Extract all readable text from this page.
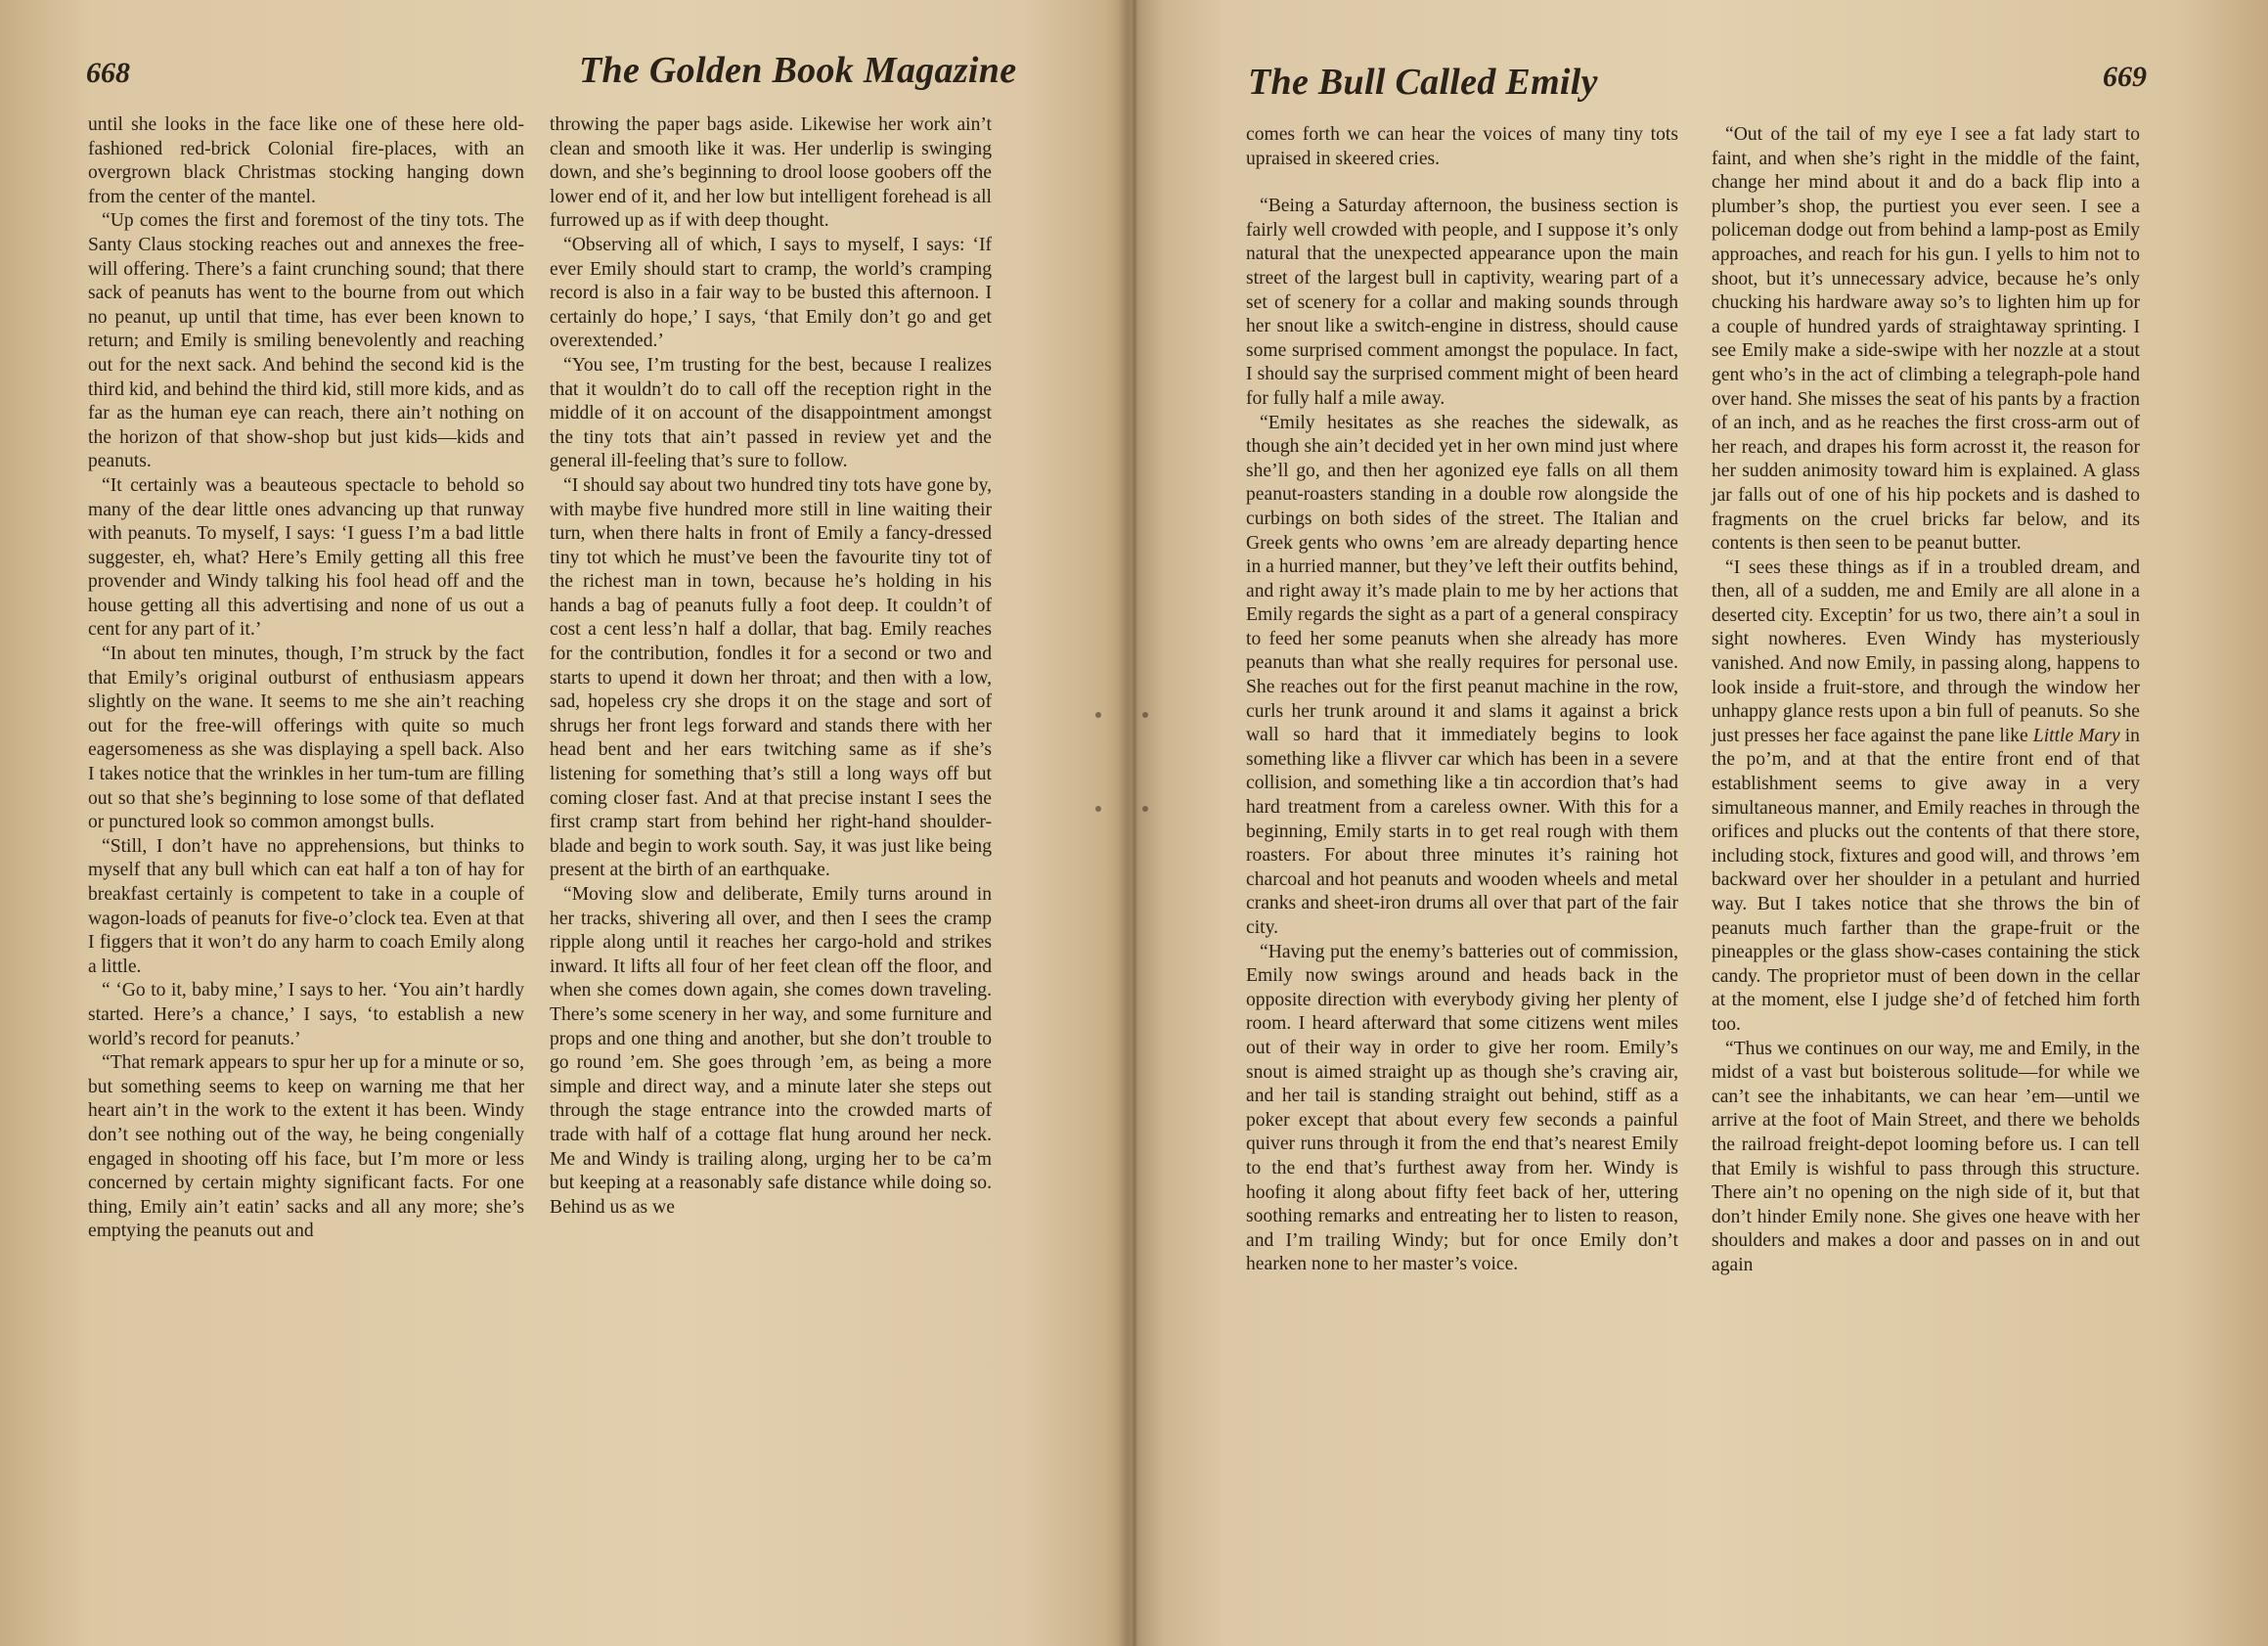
668	The Golden Book Magazine

until she looks in the face like one of these here old-fashioned red-brick Colonial fire-places, with an overgrown black Christmas stocking hanging down from the center of the mantel.

“Up comes the first and foremost of the tiny tots. The Santy Claus stocking reaches out and annexes the free-will offering. There’s a faint crunching sound; that there sack of peanuts has went to the bourne from out which no peanut, up until that time, has ever been known to return; and Emily is smiling benevolently and reaching out for the next sack. And behind the second kid is the third kid, and behind the third kid, still more kids, and as far as the human eye can reach, there ain’t nothing on the horizon of that show-shop but just kids—kids and peanuts.

“It certainly was a beauteous spectacle to behold so many of the dear little ones advancing up that runway with peanuts. To myself, I says: ‘I guess I’m a bad little suggester, eh, what? Here’s Emily getting all this free provender and Windy talking his fool head off and the house getting all this advertising and none of us out a cent for any part of it.’

“In about ten minutes, though, I’m struck by the fact that Emily’s original outburst of enthusiasm appears slightly on the wane. It seems to me she ain’t reaching out for the free-will offerings with quite so much eagersomeness as she was displaying a spell back. Also I takes notice that the wrinkles in her tum-tum are filling out so that she’s beginning to lose some of that deflated or punctured look so common amongst bulls.

“Still, I don’t have no apprehensions, but thinks to myself that any bull which can eat half a ton of hay for breakfast certainly is competent to take in a couple of wagon-loads of peanuts for five-o’clock tea. Even at that I figgers that it won’t do any harm to coach Emily along a little.

“ ‘Go to it, baby mine,’ I says to her. ‘You ain’t hardly started. Here’s a chance,’ I says, ‘to establish a new world’s record for peanuts.’

“That remark appears to spur her up for a minute or so, but something seems to keep on warning me that her heart ain’t in the work to the extent it has been. Windy don’t see nothing out of the way, he being congenially engaged in shooting off his face, but I’m more or less concerned by certain mighty significant facts. For one thing, Emily ain’t eatin’ sacks and all any more; she’s emptying the peanuts out and

throwing the paper bags aside. Likewise her work ain’t clean and smooth like it was. Her underlip is swinging down, and she’s beginning to drool loose goobers off the lower end of it, and her low but intelligent forehead is all furrowed up as if with deep thought.

“Observing all of which, I says to myself, I says: ‘If ever Emily should start to cramp, the world’s cramping record is also in a fair way to be busted this afternoon. I certainly do hope,’ I says, ‘that Emily don’t go and get overextended.’

“You see, I’m trusting for the best, because I realizes that it wouldn’t do to call off the reception right in the middle of it on account of the disappointment amongst the tiny tots that ain’t passed in review yet and the general ill-feeling that’s sure to follow.

“I should say about two hundred tiny tots have gone by, with maybe five hundred more still in line waiting their turn, when there halts in front of Emily a fancy-dressed tiny tot which he must’ve been the favourite tiny tot of the richest man in town, because he’s holding in his hands a bag of peanuts fully a foot deep. It couldn’t of cost a cent less’n half a dollar, that bag. Emily reaches for the contribution, fondles it for a second or two and starts to upend it down her throat; and then with a low, sad, hopeless cry she drops it on the stage and sort of shrugs her front legs forward and stands there with her head bent and her ears twitching same as if she’s listening for something that’s still a long ways off but coming closer fast. And at that precise instant I sees the first cramp start from behind her right-hand shoulder-blade and begin to work south. Say, it was just like being present at the birth of an earthquake.

“Moving slow and deliberate, Emily turns around in her tracks, shivering all over, and then I sees the cramp ripple along until it reaches her cargo-hold and strikes inward. It lifts all four of her feet clean off the floor, and when she comes down again, she comes down traveling. There’s some scenery in her way, and some furniture and props and one thing and another, but she don’t trouble to go round ’em. She goes through ’em, as being a more simple and direct way, and a minute later she steps out through the stage entrance into the crowded marts of trade with half of a cottage flat hung around her neck. Me and Windy is trailing along, urging her to be ca’m but keeping at a reasonably safe distance while doing so. Behind us as we

The Bull Called Emily	669

comes forth we can hear the voices of many tiny tots upraised in skeered cries.

“Being a Saturday afternoon, the business section is fairly well crowded with people, and I suppose it’s only natural that the unexpected appearance upon the main street of the largest bull in captivity, wearing part of a set of scenery for a collar and making sounds through her snout like a switch-engine in distress, should cause some surprised comment amongst the populace. In fact, I should say the surprised comment might of been heard for fully half a mile away.

“Emily hesitates as she reaches the sidewalk, as though she ain’t decided yet in her own mind just where she’ll go, and then her agonized eye falls on all them peanut-roasters standing in a double row alongside the curbings on both sides of the street. The Italian and Greek gents who owns ’em are already departing hence in a hurried manner, but they’ve left their outfits behind, and right away it’s made plain to me by her actions that Emily regards the sight as a part of a general conspiracy to feed her some peanuts when she already has more peanuts than what she really requires for personal use. She reaches out for the first peanut machine in the row, curls her trunk around it and slams it against a brick wall so hard that it immediately begins to look something like a flivver car which has been in a severe collision, and something like a tin accordion that’s had hard treatment from a careless owner. With this for a beginning, Emily starts in to get real rough with them roasters. For about three minutes it’s raining hot charcoal and hot peanuts and wooden wheels and metal cranks and sheet-iron drums all over that part of the fair city.

“Having put the enemy’s batteries out of commission, Emily now swings around and heads back in the opposite direction with everybody giving her plenty of room. I heard afterward that some citizens went miles out of their way in order to give her room. Emily’s snout is aimed straight up as though she’s craving air, and her tail is standing straight out behind, stiff as a poker except that about every few seconds a painful quiver runs through it from the end that’s nearest Emily to the end that’s furthest away from her. Windy is hoofing it along about fifty feet back of her, uttering soothing remarks and entreating her to listen to reason, and I’m trailing Windy; but for once Emily don’t hearken none to her master’s voice.

“Out of the tail of my eye I see a fat lady start to faint, and when she’s right in the middle of the faint, change her mind about it and do a back flip into a plumber’s shop, the purtiest you ever seen. I see a policeman dodge out from behind a lamp-post as Emily approaches, and reach for his gun. I yells to him not to shoot, but it’s unnecessary advice, because he’s only chucking his hardware away so’s to lighten him up for a couple of hundred yards of straightaway sprinting. I see Emily make a side-swipe with her nozzle at a stout gent who’s in the act of climbing a telegraph-pole hand over hand. She misses the seat of his pants by a fraction of an inch, and as he reaches the first cross-arm out of her reach, and drapes his form acrosst it, the reason for her sudden animosity toward him is explained. A glass jar falls out of one of his hip pockets and is dashed to fragments on the cruel bricks far below, and its contents is then seen to be peanut butter.

“I sees these things as if in a troubled dream, and then, all of a sudden, me and Emily are all alone in a deserted city. Exceptin’ for us two, there ain’t a soul in sight nowheres. Even Windy has mysteriously vanished. And now Emily, in passing along, happens to look inside a fruit-store, and through the window her unhappy glance rests upon a bin full of peanuts. So she just presses her face against the pane like Little Mary in the po’m, and at that the entire front end of that establishment seems to give away in a very simultaneous manner, and Emily reaches in through the orifices and plucks out the contents of that there store, including stock, fixtures and good will, and throws ’em backward over her shoulder in a petulant and hurried way. But I takes notice that she throws the bin of peanuts much farther than the grape-fruit or the pineapples or the glass show-cases containing the stick candy. The proprietor must of been down in the cellar at the moment, else I judge she’d of fetched him forth too.

“Thus we continues on our way, me and Emily, in the midst of a vast but boisterous solitude—for while we can’t see the inhabitants, we can hear ’em—until we arrive at the foot of Main Street, and there we beholds the railroad freight-depot looming before us. I can tell that Emily is wishful to pass through this structure. There ain’t no opening on the nigh side of it, but that don’t hinder Emily none. She gives one heave with her shoulders and makes a door and passes on in and out again
